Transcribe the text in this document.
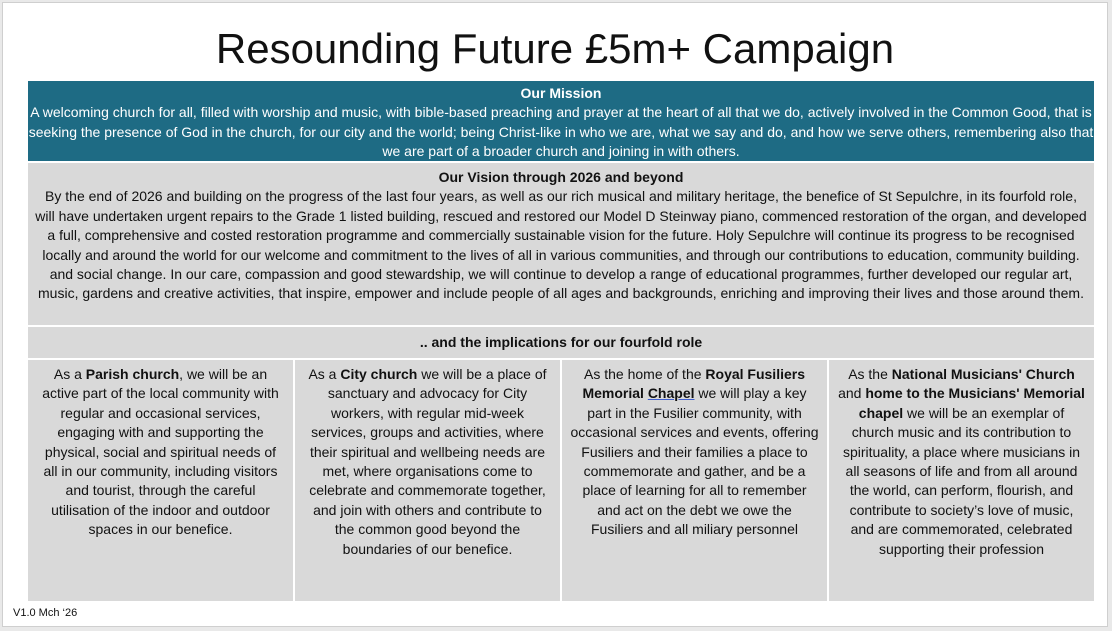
Resounding Future £5m+ Campaign
Our Mission
A welcoming church for all, filled with worship and music, with bible-based preaching and prayer at the heart of all that we do, actively involved in the Common Good, that is seeking the presence of God in the church, for our city and the world; being Christ-like in who we are, what we say and do, and how we serve others, remembering also that we are part of a broader church and joining in with others.
Our Vision through 2026 and beyond
By the end of 2026 and building on the progress of the last four years, as well as our rich musical and military heritage, the benefice of St Sepulchre, in its fourfold role, will have undertaken urgent repairs to the Grade 1 listed building, rescued and restored our Model D Steinway piano, commenced restoration of the organ, and developed a full, comprehensive and costed restoration programme and commercially sustainable vision for the future. Holy Sepulchre will continue its progress to be recognised locally and around the world for our welcome and commitment to the lives of all in various communities, and through our contributions to education, community building. and social change. In our care, compassion and good stewardship, we will continue to develop a range of educational programmes, further developed our regular art, music, gardens and creative activities, that inspire, empower and include people of all ages and backgrounds, enriching and improving their lives and those around them.
.. and the implications for our fourfold role
As a Parish church, we will be an active part of the local community with regular and occasional services, engaging with and supporting the physical, social and spiritual needs of all in our community, including visitors and tourist, through the careful utilisation of the indoor and outdoor spaces in our benefice.
As a City church we will be a place of sanctuary and advocacy for City workers, with regular mid-week services, groups and activities, where their spiritual and wellbeing needs are met, where organisations come to celebrate and commemorate together, and join with others and contribute to the common good beyond the boundaries of our benefice.
As the home of the Royal Fusiliers Memorial Chapel we will play a key part in the Fusilier community, with occasional services and events, offering Fusiliers and their families a place to commemorate and gather, and be a place of learning for all to remember and act on the debt we owe the Fusiliers and all miliary personnel
As the National Musicians' Church and home to the Musicians' Memorial chapel we will be an exemplar of church music and its contribution to spirituality, a place where musicians in all seasons of life and from all around the world, can perform, flourish, and contribute to society’s love of music, and are commemorated, celebrated supporting their profession
V1.0 Mch ‘26
